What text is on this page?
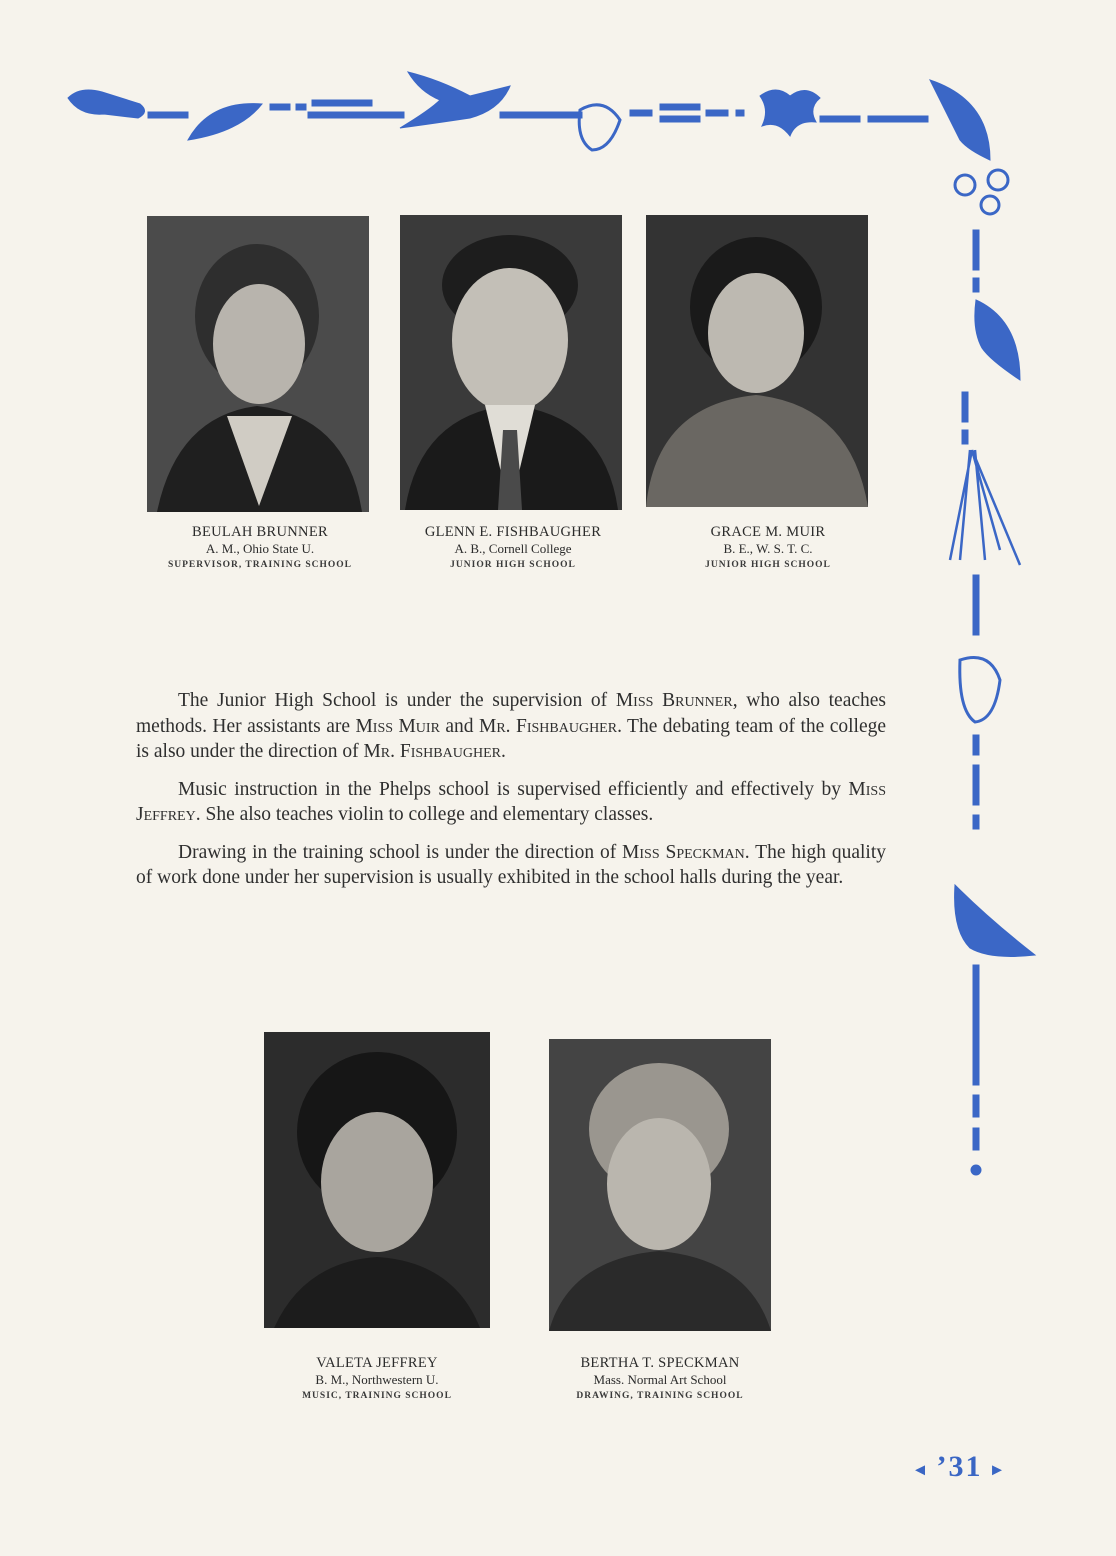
BEULAH BRUNNER
A. M., Ohio State U.
SUPERVISOR, TRAINING SCHOOL
GLENN E. FISHBAUGHER
A. B., Cornell College
JUNIOR HIGH SCHOOL
GRACE M. MUIR
B. E., W. S. T. C.
JUNIOR HIGH SCHOOL

The Junior High School is under the supervision of Miss Brunner, who also teaches methods. Her assistants are Miss Muir and Mr. Fishbaugher. The debating team of the college is also under the direction of Mr. Fishbaugher.

Music instruction in the Phelps school is supervised efficiently and effectively by Miss Jeffrey. She also teaches violin to college and elementary classes.

Drawing in the training school is under the direction of Miss Speckman. The high quality of work done under her supervision is usually exhibited in the school halls during the year.

VALETA JEFFREY
B. M., Northwestern U.
MUSIC, TRAINING SCHOOL
BERTHA T. SPECKMAN
Mass. Normal Art School
DRAWING, TRAINING SCHOOL
◂ ’31 ▸
